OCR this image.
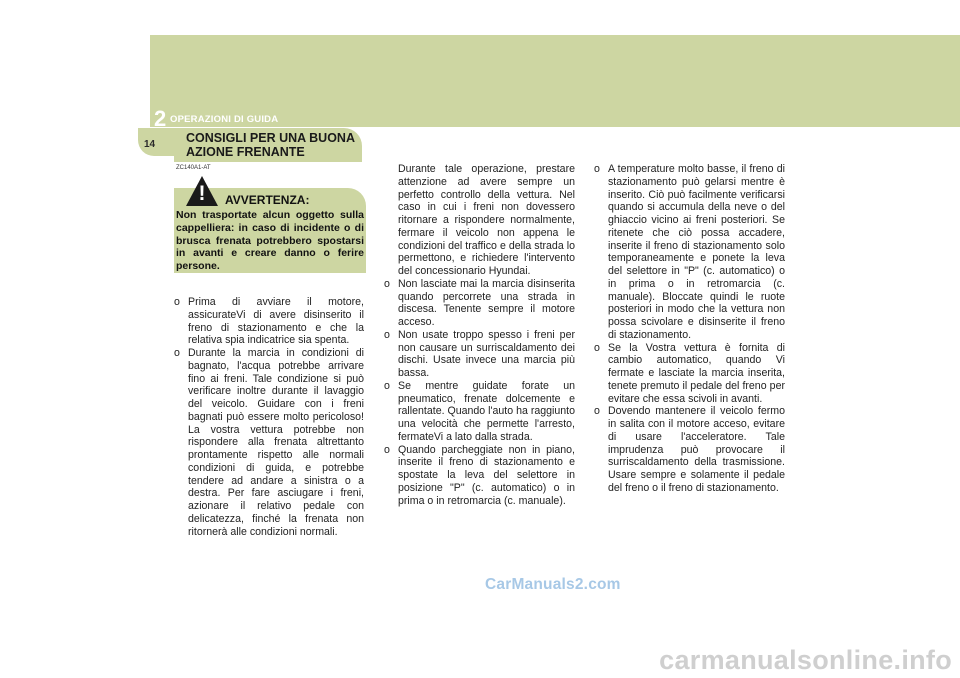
2 OPERAZIONI DI GUIDA
14 CONSIGLI PER UNA BUONA AZIONE FRENANTE
ZC140A1-AT
! AVVERTENZA:
Non trasportate alcun oggetto sulla cappelliera: in caso di incidente o di brusca frenata potrebbero spostarsi in avanti e creare danno o ferire persone.
o Prima di avviare il motore, assicurateVi di avere disinserito il freno di stazionamento e che la relativa spia indicatrice sia spenta.
o Durante la marcia in condizioni di bagnato, l'acqua potrebbe arrivare fino ai freni. Tale condizione si può verificare inoltre durante il lavaggio del veicolo. Guidare con i freni bagnati può essere molto pericoloso! La vostra vettura potrebbe non rispondere alla frenata altrettanto prontamente rispetto alle normali condizioni di guida, e potrebbe tendere ad andare a sinistra o a destra. Per fare asciugare i freni, azionare il relativo pedale con delicatezza, finché la frenata non ritornerà alle condizioni normali.
Durante tale operazione, prestare attenzione ad avere sempre un perfetto controllo della vettura. Nel caso in cui i freni non dovessero ritornare a rispondere normalmente, fermare il veicolo non appena le condizioni del traffico e della strada lo permettono, e richiedere l'intervento del concessionario Hyundai.
o Non lasciate mai la marcia disinserita quando percorrete una strada in discesa. Tenente sempre il motore acceso.
o Non usate troppo spesso i freni per non causare un surriscaldamento dei dischi. Usate invece una marcia più bassa.
o Se mentre guidate forate un pneumatico, frenate dolcemente e rallentate. Quando l'auto ha raggiunto una velocità che permette l'arresto, fermateVi a lato dalla strada.
o Quando parcheggiate non in piano, inserite il freno di stazionamento e spostate la leva del selettore in posizione "P" (c. automatico) o in prima o in retromarcia (c. manuale).
o A temperature molto basse, il freno di stazionamento può gelarsi mentre è inserito. Ciò può facilmente verificarsi quando si accumula della neve o del ghiaccio vicino ai freni posteriori. Se ritenete che ciò possa accadere, inserite il freno di stazionamento solo temporaneamente e ponete la leva del selettore in "P" (c. automatico) o in prima o in retromarcia (c. manuale). Bloccate quindi le ruote posteriori in modo che la vettura non possa scivolare e disinserite il freno di stazionamento.
o Se la Vostra vettura è fornita di cambio automatico, quando Vi fermate e lasciate la marcia inserita, tenete premuto il pedale del freno per evitare che essa scivoli in avanti.
o Dovendo mantenere il veicolo fermo in salita con il motore acceso, evitare di usare l'acceleratore. Tale imprudenza può provocare il surriscaldamento della trasmissione. Usare sempre e solamente il pedale del freno o il freno di stazionamento.
CarManuals2.com
carmanualsonline.info
